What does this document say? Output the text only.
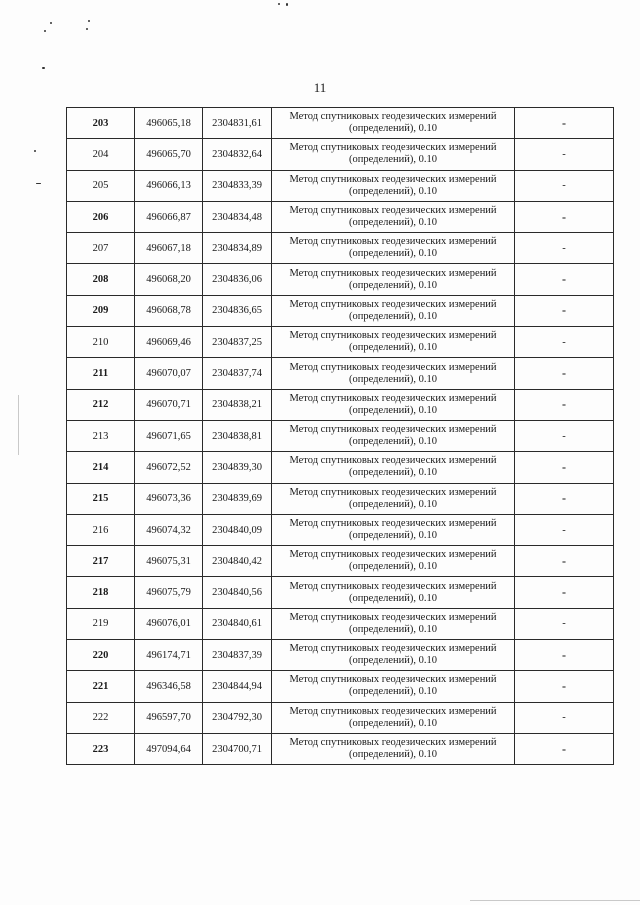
11
203	496065,18	2304831,61	Метод спутниковых геодезических измерений
(определений), 0.10	-
204	496065,70	2304832,64	Метод спутниковых геодезических измерений
(определений), 0.10	-
205	496066,13	2304833,39	Метод спутниковых геодезических измерений
(определений), 0.10	-
206	496066,87	2304834,48	Метод спутниковых геодезических измерений
(определений), 0.10	-
207	496067,18	2304834,89	Метод спутниковых геодезических измерений
(определений), 0.10	-
208	496068,20	2304836,06	Метод спутниковых геодезических измерений
(определений), 0.10	-
209	496068,78	2304836,65	Метод спутниковых геодезических измерений
(определений), 0.10	-
210	496069,46	2304837,25	Метод спутниковых геодезических измерений
(определений), 0.10	-
211	496070,07	2304837,74	Метод спутниковых геодезических измерений
(определений), 0.10	-
212	496070,71	2304838,21	Метод спутниковых геодезических измерений
(определений), 0.10	-
213	496071,65	2304838,81	Метод спутниковых геодезических измерений
(определений), 0.10	-
214	496072,52	2304839,30	Метод спутниковых геодезических измерений
(определений), 0.10	-
215	496073,36	2304839,69	Метод спутниковых геодезических измерений
(определений), 0.10	-
216	496074,32	2304840,09	Метод спутниковых геодезических измерений
(определений), 0.10	-
217	496075,31	2304840,42	Метод спутниковых геодезических измерений
(определений), 0.10	-
218	496075,79	2304840,56	Метод спутниковых геодезических измерений
(определений), 0.10	-
219	496076,01	2304840,61	Метод спутниковых геодезических измерений
(определений), 0.10	-
220	496174,71	2304837,39	Метод спутниковых геодезических измерений
(определений), 0.10	-
221	496346,58	2304844,94	Метод спутниковых геодезических измерений
(определений), 0.10	-
222	496597,70	2304792,30	Метод спутниковых геодезических измерений
(определений), 0.10	-
223	497094,64	2304700,71	Метод спутниковых геодезических измерений
(определений), 0.10	-
